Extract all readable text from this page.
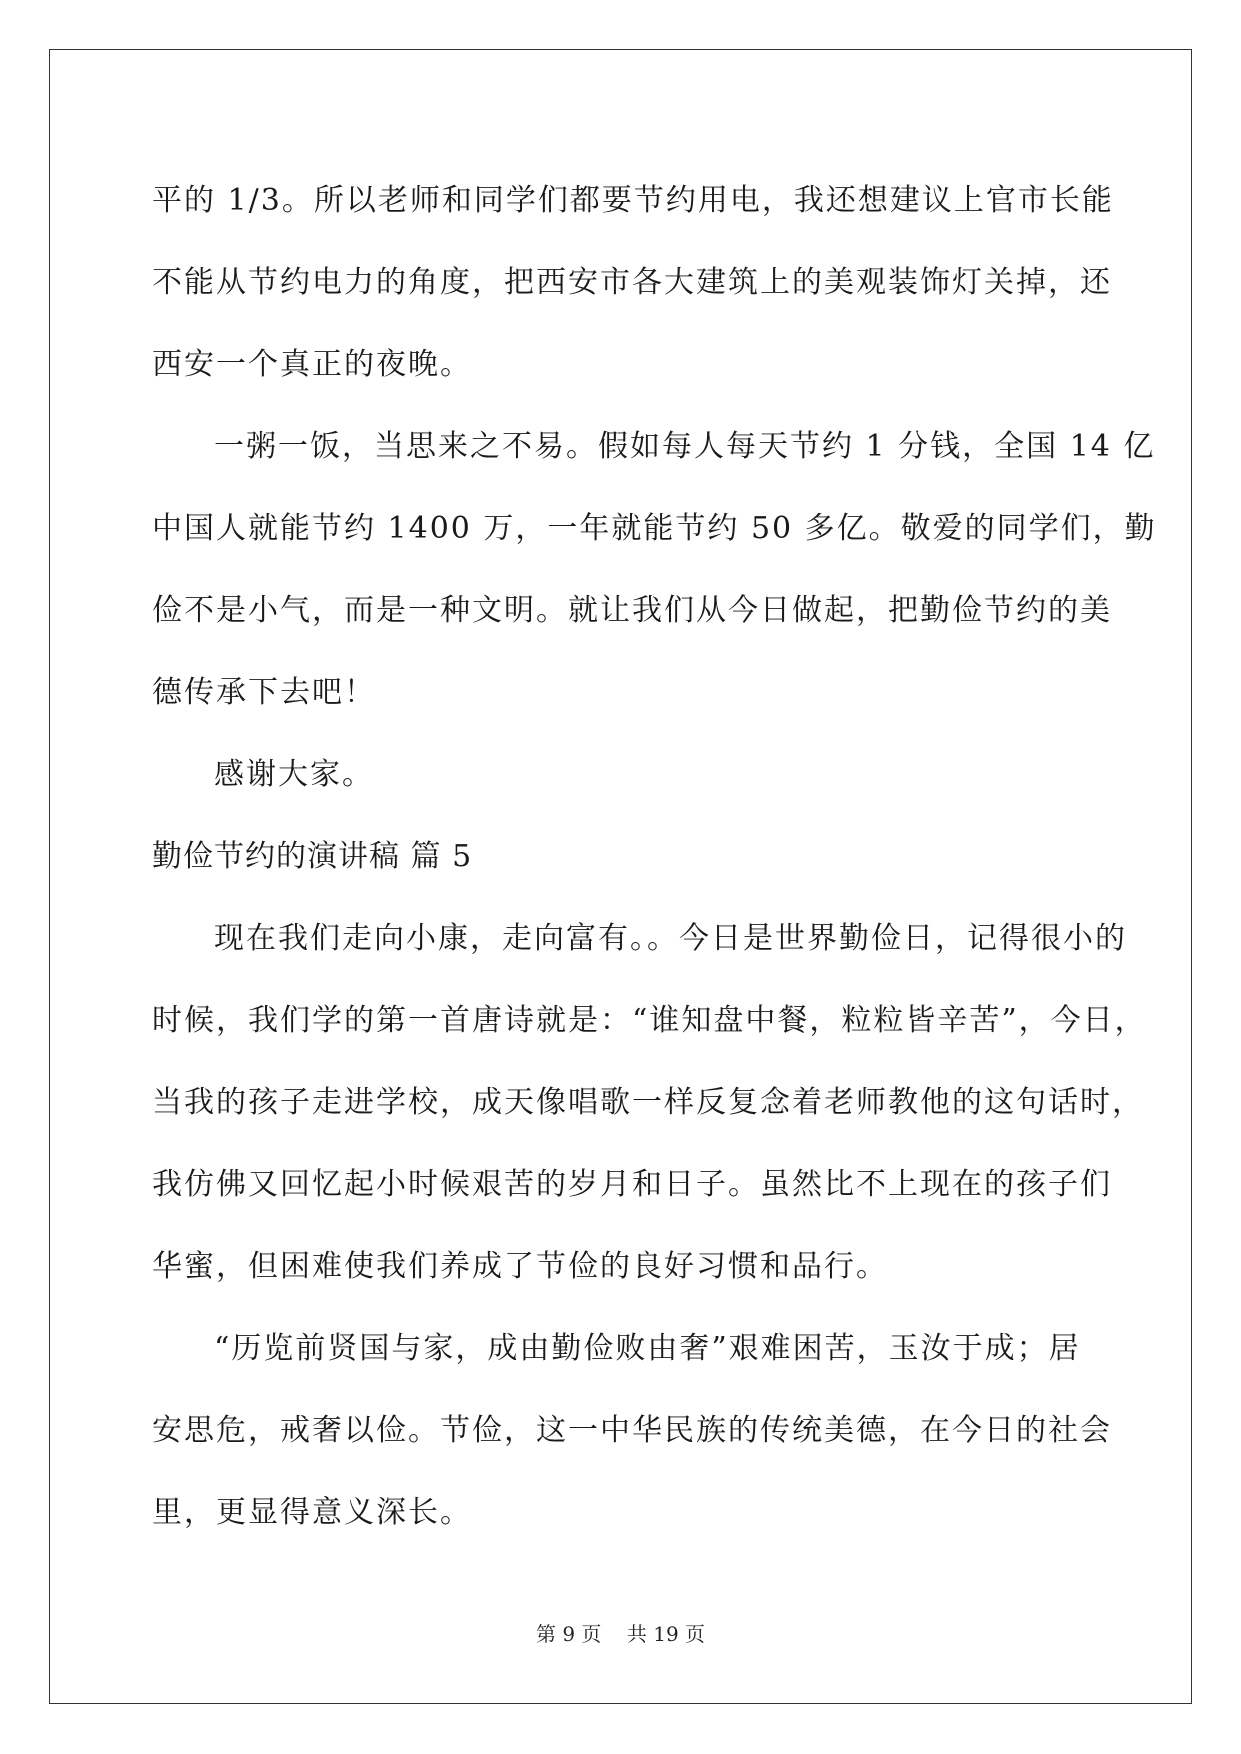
平的 1/3。所以老师和同学们都要节约用电，我还想建议上官市长能
不能从节约电力的角度，把西安市各大建筑上的美观装饰灯关掉，还
西安一个真正的夜晚。
一粥一饭，当思来之不易。假如每人每天节约 1 分钱，全国 14 亿
中国人就能节约 1400 万，一年就能节约 50 多亿。敬爱的同学们，勤
俭不是小气，而是一种文明。就让我们从今日做起，把勤俭节约的美
德传承下去吧！
感谢大家。
勤俭节约的演讲稿 篇 5
现在我们走向小康，走向富有。。今日是世界勤俭日，记得很小的
时候，我们学的第一首唐诗就是：“谁知盘中餐，粒粒皆辛苦”，今日，
当我的孩子走进学校，成天像唱歌一样反复念着老师教他的这句话时，
我仿佛又回忆起小时候艰苦的岁月和日子。虽然比不上现在的孩子们
华蜜，但困难使我们养成了节俭的良好习惯和品行。
“历览前贤国与家，成由勤俭败由奢”艰难困苦，玉汝于成；居
安思危，戒奢以俭。节俭，这一中华民族的传统美德，在今日的社会
里，更显得意义深长。
第 9 页 共 19 页
